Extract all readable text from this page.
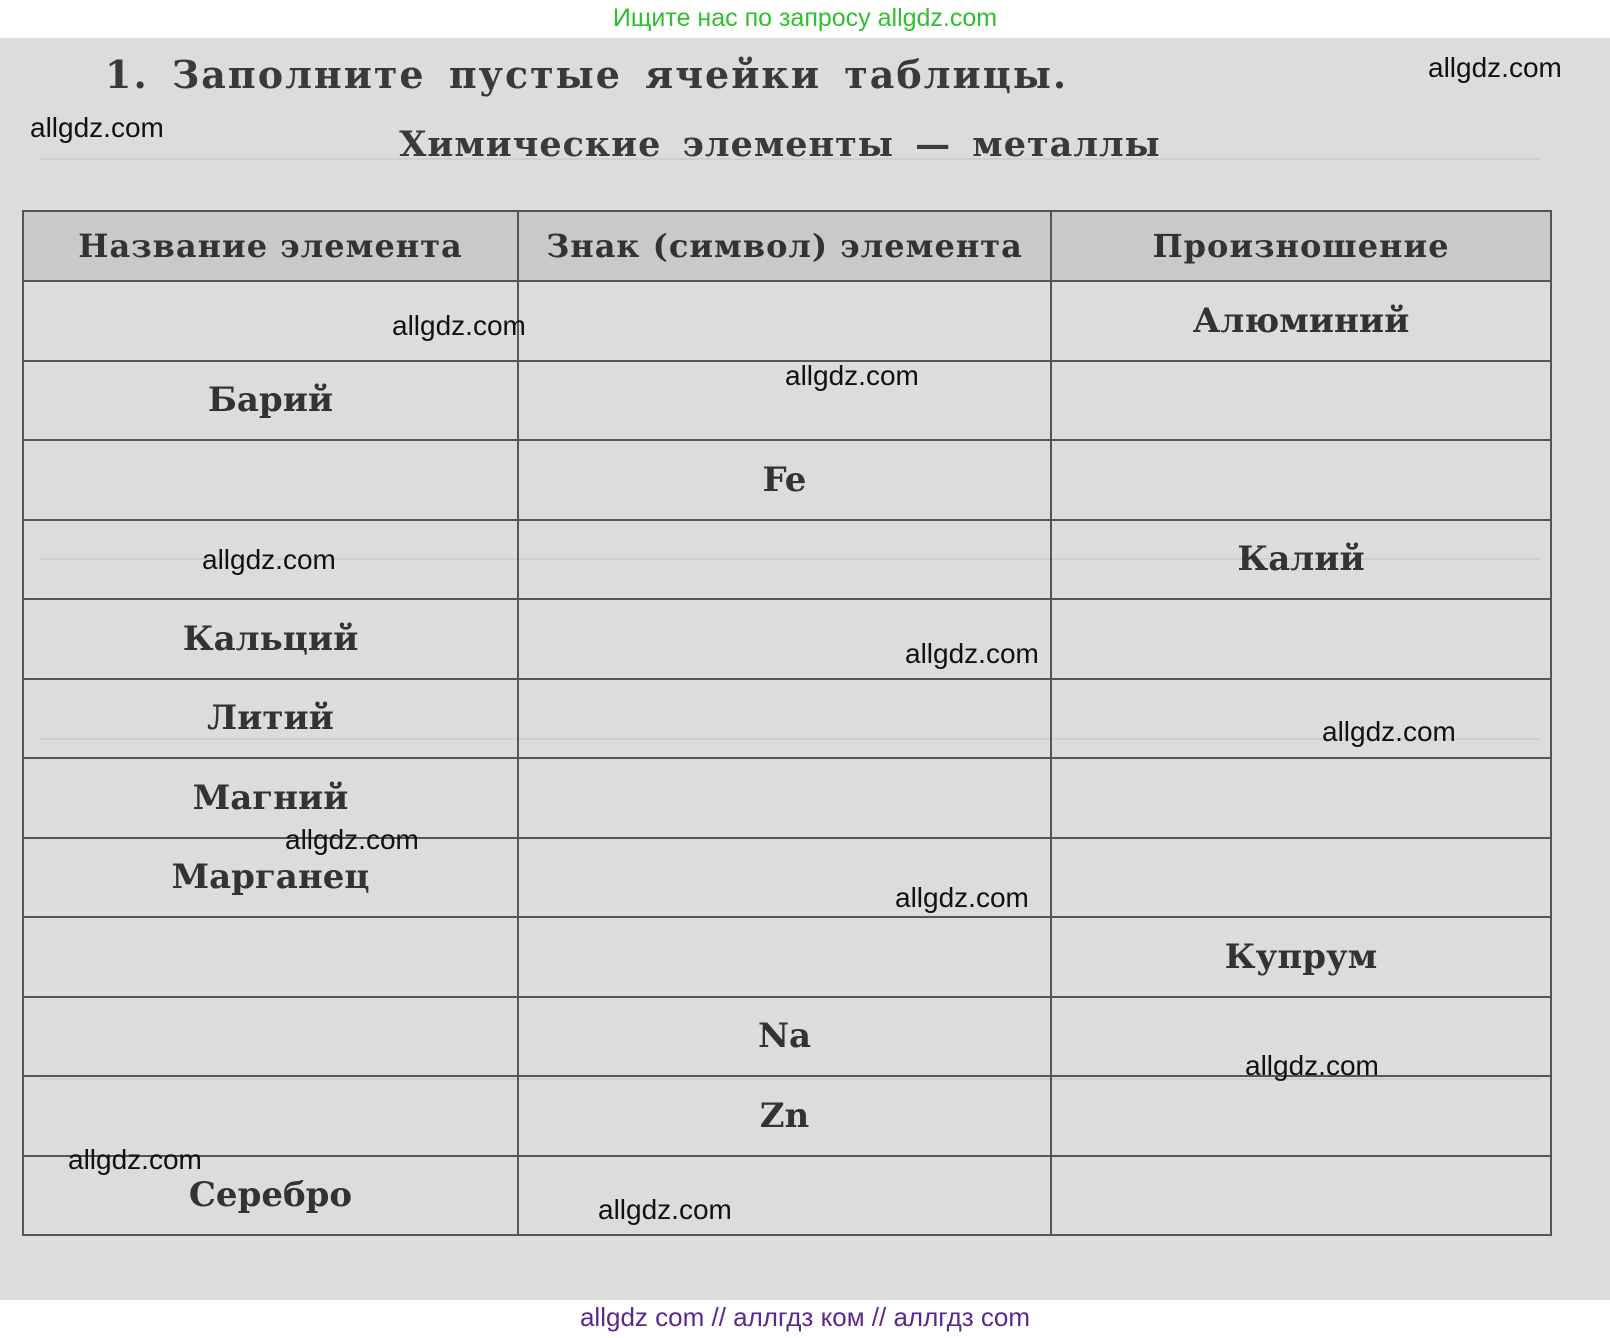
Ищите нас по запросу allgdz.com
1. Заполните пустые ячейки таблицы.
Химические элементы — металлы
Название элемента	Знак (символ) элемента	Произношение
		Алюминий
Барий		
	Fe	
		Калий
Кальций		
Литий		
Магний		
Марганец		
		Купрум
	Na	
	Zn	
Серебро		
allgdz.com
allgdz.com
allgdz.com
allgdz.com
allgdz.com
allgdz.com
allgdz.com
allgdz.com
allgdz.com
allgdz.com
allgdz.com
allgdz.com
allgdz com // аллгдз ком // аллгдз com
